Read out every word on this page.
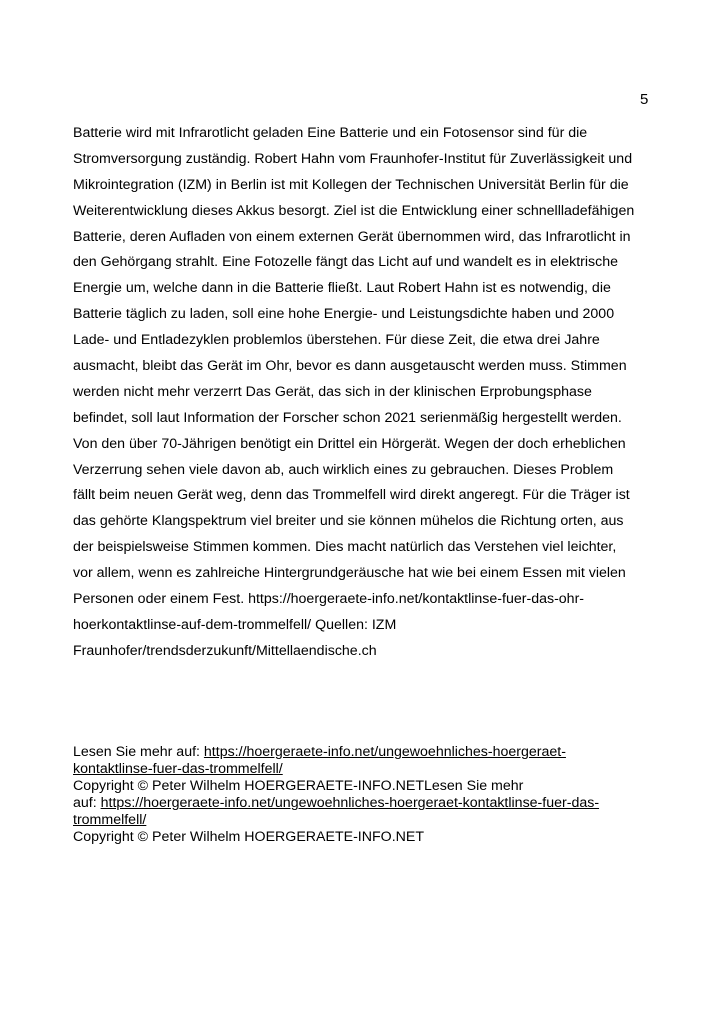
5
Batterie wird mit Infrarotlicht geladen Eine Batterie und ein Fotosensor sind für die
Stromversorgung zuständig. Robert Hahn vom Fraunhofer-Institut für Zuverlässigkeit und
Mikrointegration (IZM) in Berlin ist mit Kollegen der Technischen Universität Berlin für die
Weiterentwicklung dieses Akkus besorgt. Ziel ist die Entwicklung einer schnellladefähigen
Batterie, deren Aufladen von einem externen Gerät übernommen wird, das Infrarotlicht in
den Gehörgang strahlt. Eine Fotozelle fängt das Licht auf und wandelt es in elektrische
Energie um, welche dann in die Batterie fließt. Laut Robert Hahn ist es notwendig, die
Batterie täglich zu laden, soll eine hohe Energie- und Leistungsdichte haben und 2000
Lade- und Entladezyklen problemlos überstehen. Für diese Zeit, die etwa drei Jahre
ausmacht, bleibt das Gerät im Ohr, bevor es dann ausgetauscht werden muss. Stimmen
werden nicht mehr verzerrt Das Gerät, das sich in der klinischen Erprobungsphase
befindet, soll laut Information der Forscher schon 2021 serienmäßig hergestellt werden.
Von den über 70-Jährigen benötigt ein Drittel ein Hörgerät. Wegen der doch erheblichen
Verzerrung sehen viele davon ab, auch wirklich eines zu gebrauchen. Dieses Problem
fällt beim neuen Gerät weg, denn das Trommelfell wird direkt angeregt. Für die Träger ist
das gehörte Klangspektrum viel breiter und sie können mühelos die Richtung orten, aus
der beispielsweise Stimmen kommen. Dies macht natürlich das Verstehen viel leichter,
vor allem, wenn es zahlreiche Hintergrundgeräusche hat wie bei einem Essen mit vielen
Personen oder einem Fest. https://hoergeraete-info.net/kontaktlinse-fuer-das-ohr-
hoerkontaktlinse-auf-dem-trommelfell/ Quellen: IZM
Fraunhofer/trendsderzukunft/Mittellaendische.ch
Lesen Sie mehr auf: https://hoergeraete-info.net/ungewoehnliches-hoergeraet-
kontaktlinse-fuer-das-trommelfell/
Copyright © Peter Wilhelm HOERGERAETE-INFO.NETLesen Sie mehr
auf: https://hoergeraete-info.net/ungewoehnliches-hoergeraet-kontaktlinse-fuer-das-
trommelfell/
Copyright © Peter Wilhelm HOERGERAETE-INFO.NET
